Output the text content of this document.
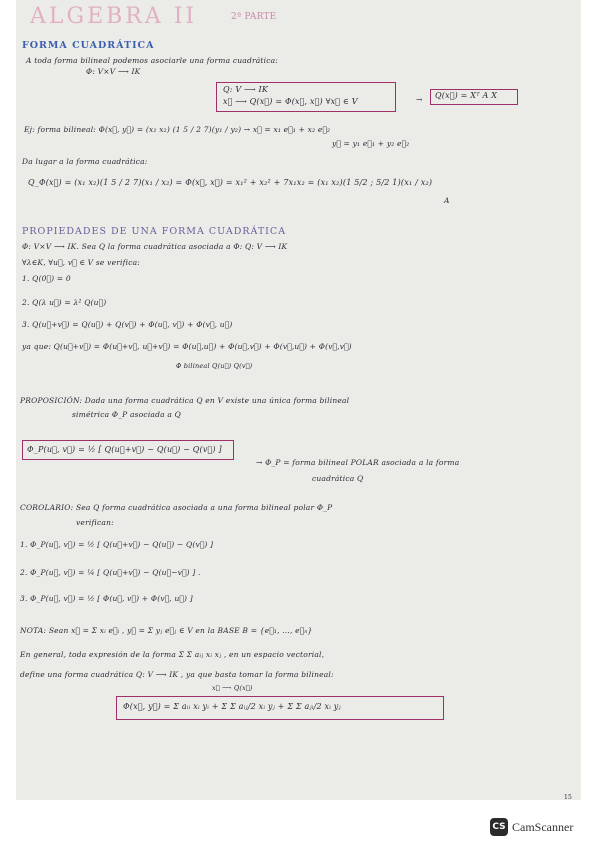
ALGEBRA II	2ª PARTE
FORMA CUADRÁTICA
A toda forma bilineal podemos asociarle una forma cuadrática:
Φ: V×V ⟶ IK
Q: V ⟶ IK
x⃗ ⟶ Q(x⃗) = Φ(x⃗, x⃗) ∀x⃗ ∈ V	→ Q(x⃗) = Xᵀ A X
Ej: forma bilineal: Φ(x⃗, y⃗) = (x₁ x₂) (1 5 / 2 7)(y₁ / y₂) → x⃗ = x₁ e⃗₁ + x₂ e⃗₂
y⃗ = y₁ e⃗₁ + y₂ e⃗₂
Da lugar a la forma cuadrática:
Q_Φ(x⃗) = (x₁ x₂)(1 5 / 2 7)(x₁ / x₂) = Φ(x⃗, x⃗) = x₁² + x₂² + 7x₁x₂ = (x₁ x₂)(1 5/2 ; 5/2 1)(x₁ / x₂)
A
PROPIEDADES DE UNA FORMA CUADRÁTICA
Φ: V×V ⟶ IK. Sea Q la forma cuadrática asociada a Φ: Q: V ⟶ IK
∀λ∈K, ∀u⃗, v⃗ ∈ V se verifica:
1. Q(0⃗) = 0
2. Q(λ u⃗) = λ² Q(u⃗)
3. Q(u⃗+v⃗) = Q(u⃗) + Q(v⃗) + Φ(u⃗, v⃗) + Φ(v⃗, u⃗)
ya que: Q(u⃗+v⃗) = Φ(u⃗+v⃗, u⃗+v⃗) = Φ(u⃗,u⃗) + Φ(u⃗,v⃗) + Φ(v⃗,u⃗) + Φ(v⃗,v⃗)
Φ bilineal Q(u⃗) Q(v⃗)
PROPOSICIÓN: Dada una forma cuadrática Q en V existe una única forma bilineal
simétrica Φ_P asociada a Q
Φ_P(u⃗, v⃗) = ½ [ Q(u⃗+v⃗) − Q(u⃗) − Q(v⃗) ]
→ Φ_P = forma bilineal POLAR asociada a la forma
cuadrática Q
COROLARIO: Sea Q forma cuadrática asociada a una forma bilineal polar Φ_P
verifican:
1. Φ_P(u⃗, v⃗) = ½ [ Q(u⃗+v⃗) − Q(u⃗) − Q(v⃗) ]
2. Φ_P(u⃗, v⃗) = ¼ [ Q(u⃗+v⃗) − Q(u⃗−v⃗) ] .
3. Φ_P(u⃗, v⃗) = ½ [ Φ(u⃗, v⃗) + Φ(v⃗, u⃗) ]
NOTA: Sean x⃗ = Σ xᵢ e⃗ᵢ , y⃗ = Σ yⱼ e⃗ⱼ ∈ V en la BASE B = {e⃗₁, …, e⃗ₙ}
En general, toda expresión de la forma Σ Σ aᵢⱼ xᵢ xⱼ , en un espacio vectorial,
define una forma cuadrática Q: V ⟶ IK , ya que basta tomar la forma bilineal:
x⃗ ⟶ Q(x⃗)
Φ(x⃗, y⃗) = Σ aᵢᵢ xᵢ yᵢ + Σ Σ aᵢⱼ/2 xᵢ yⱼ + Σ Σ aⱼᵢ/2 xᵢ yⱼ
15
CS CamScanner
